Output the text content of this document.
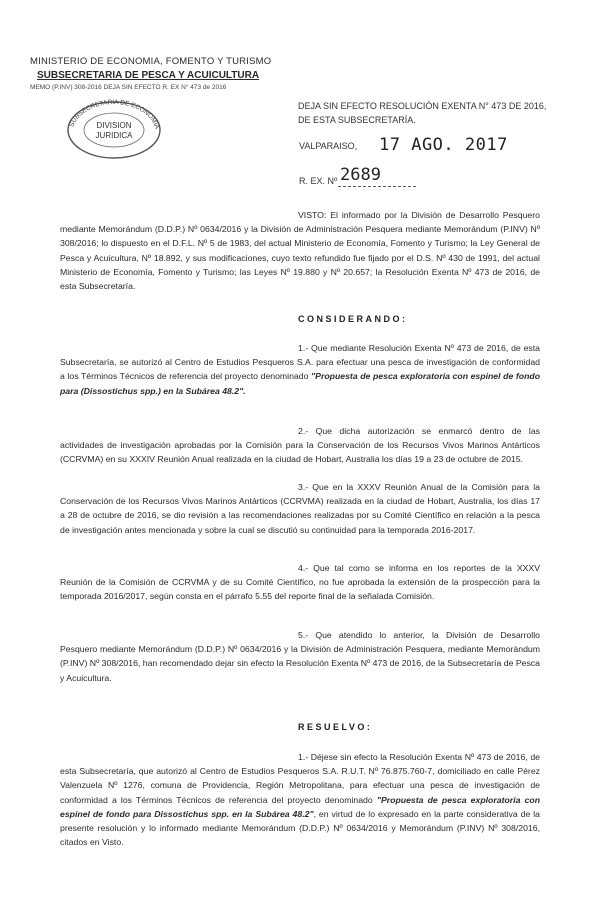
MINISTERIO DE ECONOMIA, FOMENTO Y TURISMO
SUBSECRETARIA DE PESCA Y ACUICULTURA
MEMO (P.INV) 308-2016 DEJA SIN EFECTO R. EX N° 473 de 2016
SUBSECRETARIA DE ECONOMIA
DIVISION
JURIDICA
DEJA SIN EFECTO RESOLUCIÓN EXENTA N° 473 DE 2016, DE ESTA SUBSECRETARÍA.
VALPARAISO, 17 AGO. 2017
R. EX. Nº 2689
VISTO: El informado por la División de Desarrollo Pesquero mediante Memorándum (D.D.P.) Nº 0634/2016 y la División de Administración Pesquera mediante Memorándum (P.INV) Nº 308/2016; lo dispuesto en el D.F.L. Nº 5 de 1983, del actual Ministerio de Economía, Fomento y Turismo; la Ley General de Pesca y Acuicultura, Nº 18.892, y sus modificaciones, cuyo texto refundido fue fijado por el D.S. Nº 430 de 1991, del actual Ministerio de Economía, Fomento y Turismo; las Leyes Nº 19.880 y Nº 20.657; la Resolución Exenta Nº 473 de 2016, de esta Subsecretaría.
CONSIDERANDO:
1.- Que mediante Resolución Exenta Nº 473 de 2016, de esta Subsecretaría, se autorizó al Centro de Estudios Pesqueros S.A. para efectuar una pesca de investigación de conformidad a los Términos Técnicos de referencia del proyecto denominado "Propuesta de pesca exploratoria con espinel de fondo para (Dissostichus spp.) en la Subárea 48.2".
2.- Que dicha autorización se enmarcó dentro de las actividades de investigación aprobadas por la Comisión para la Conservación de los Recursos Vivos Marinos Antárticos (CCRVMA) en su XXXIV Reunión Anual realizada en la ciudad de Hobart, Australia los días 19 a 23 de octubre de 2015.
3.- Que en la XXXV Reunión Anual de la Comisión para la Conservación de los Recursos Vivos Marinos Antárticos (CCRVMA) realizada en la ciudad de Hobart, Australia, los días 17 a 28 de octubre de 2016, se dio revisión a las recomendaciones realizadas por su Comité Científico en relación a la pesca de investigación antes mencionada y sobre la cual se discutió su continuidad para la temporada 2016-2017.
4.- Que tal como se informa en los reportes de la XXXV Reunión de la Comisión de CCRVMA y de su Comité Científico, no fue aprobada la extensión de la prospección para la temporada 2016/2017, según consta en el párrafo 5.55 del reporte final de la señalada Comisión.
5.- Que atendido lo anterior, la División de Desarrollo Pesquero mediante Memorándum (D.D.P.) Nº 0634/2016 y la División de Administración Pesquera, mediante Memorándum (P.INV) Nº 308/2016, han recomendado dejar sin efecto la Resolución Exenta Nº 473 de 2016, de la Subsecretaría de Pesca y Acuicultura.
RESUELVO:
1.- Déjese sin efecto la Resolución Exenta Nº 473 de 2016, de esta Subsecretaría, que autorizó al Centro de Estudios Pesqueros S.A. R.U.T. Nº 76.875.760-7, domiciliado en calle Pérez Valenzuela Nº 1276, comuna de Providencia, Región Metropolitana, para efectuar una pesca de investigación de conformidad a los Términos Técnicos de referencia del proyecto denominado "Propuesta de pesca exploratoria con espinel de fondo para Dissostichus spp. en la Subárea 48.2", en virtud de lo expresado en la parte considerativa de la presente resolución y lo informado mediante Memorándum (D.D.P.) Nº 0634/2016 y Memorándum (P.INV) Nº 308/2016, citados en Visto.
